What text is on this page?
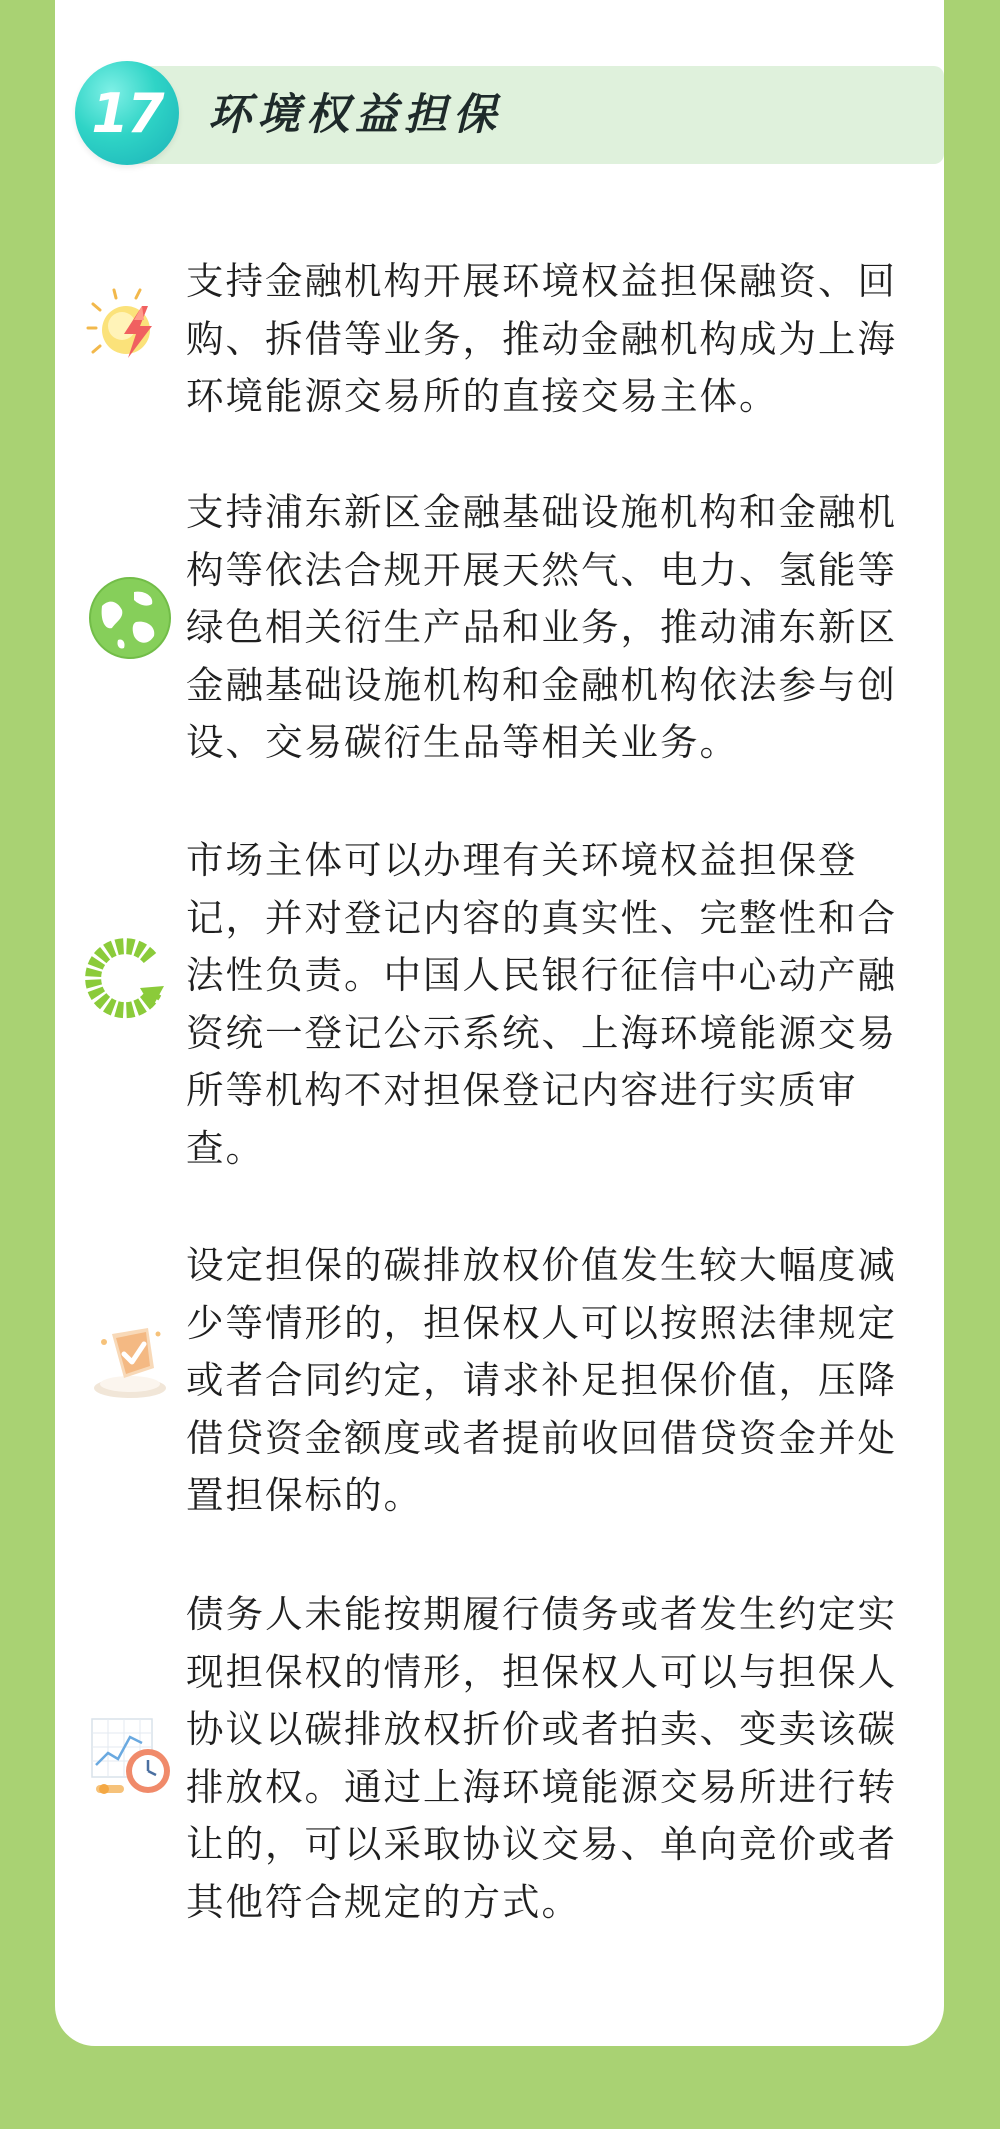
17 环境权益担保
支持金融机构开展环境权益担保融资、回
购、拆借等业务，推动金融机构成为上海
环境能源交易所的直接交易主体。
支持浦东新区金融基础设施机构和金融机
构等依法合规开展天然气、电力、氢能等
绿色相关衍生产品和业务，推动浦东新区
金融基础设施机构和金融机构依法参与创
设、交易碳衍生品等相关业务。
市场主体可以办理有关环境权益担保登
记，并对登记内容的真实性、完整性和合
法性负责。中国人民银行征信中心动产融
资统一登记公示系统、上海环境能源交易
所等机构不对担保登记内容进行实质审
查。
设定担保的碳排放权价值发生较大幅度减
少等情形的，担保权人可以按照法律规定
或者合同约定，请求补足担保价值，压降
借贷资金额度或者提前收回借贷资金并处
置担保标的。
债务人未能按期履行债务或者发生约定实
现担保权的情形，担保权人可以与担保人
协议以碳排放权折价或者拍卖、变卖该碳
排放权。通过上海环境能源交易所进行转
让的，可以采取协议交易、单向竞价或者
其他符合规定的方式。
